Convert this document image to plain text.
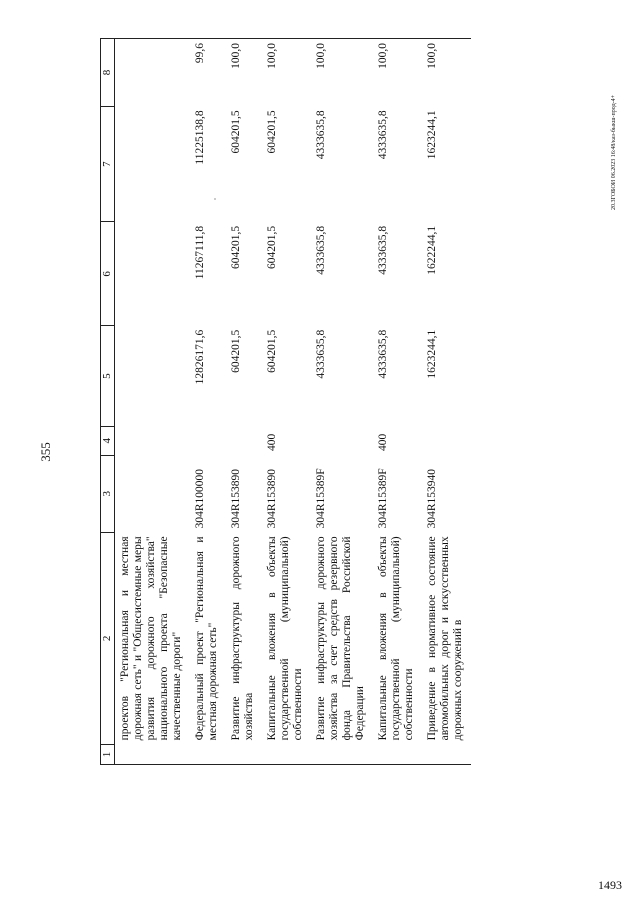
355
20.3ГОБОИ 06.2023 16:48/каз-быкш-прод-4+
1	2	3	4	5	6	7	8
	проектов "Региональная и местная дорожная сеть" и "Общесистемные меры развития дорожного хозяйства" национального проекта "Безопасные качественные дороги"						
	Федеральный проект "Региональная и местная дорожная сеть"	304R100000		12826171,6	11267111,8	11225138,8	99,6
	Развитие инфраструктуры дорожного хозяйства	304R153890		604201,5	604201,5	604201,5	100,0
	Капитальные вложения в объекты государственной (муниципальной) собственности	304R153890	400	604201,5	604201,5	604201,5	100,0
	Развитие инфраструктуры дорожного хозяйства за счет средств резервного фонда Правительства Российской Федерации	304R15389F		4333635,8	4333635,8	4333635,8	100,0
	Капитальные вложения в объекты государственной (муниципальной) собственности	304R15389F	400	4333635,8	4333635,8	4333635,8	100,0
	Приведение в нормативное состояние автомобильных дорог и искусственных дорожных сооружений в	304R153940		1623244,1	1622244,1	1623244,1	100,0
1493
